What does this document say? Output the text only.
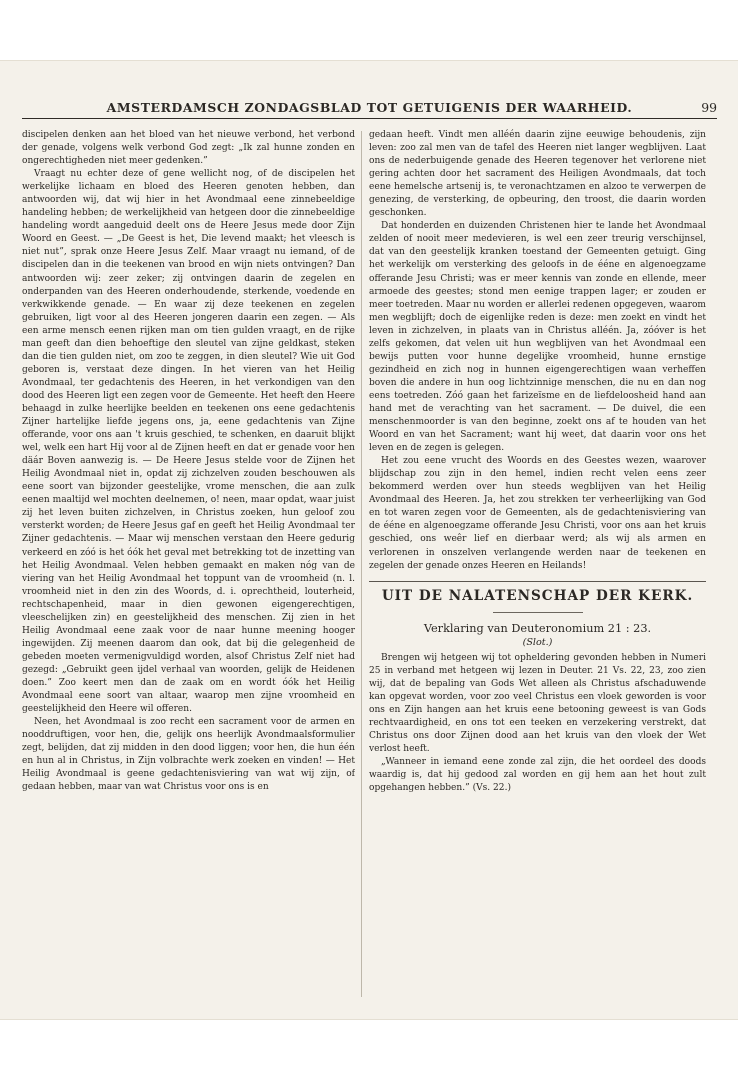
AMSTERDAMSCH ZONDAGSBLAD TOT GETUIGENIS DER WAARHEID.	99

discipelen denken aan het bloed van het nieuwe verbond, het verbond der genade, volgens welk verbond God zegt: „Ik zal hunne zonden en ongerechtigheden niet meer gedenken.”

Vraagt nu echter deze of gene wellicht nog, of de discipelen het werkelijke lichaam en bloed des Heeren genoten hebben, dan antwoorden wij, dat wij hier in het Avondmaal eene zinnebeeldige handeling hebben; de werkelijkheid van hetgeen door die zinnebeeldige handeling wordt aangeduid deelt ons de Heere Jesus mede door Zijn Woord en Geest. — „De Geest is het, Die levend maakt; het vleesch is niet nut”, sprak onze Heere Jesus Zelf. Maar vraagt nu iemand, of de discipelen dan in die teekenen van brood en wijn niets ontvingen? Dan antwoorden wij: zeer zeker; zij ontvingen daarin de zegelen en onderpanden van des Heeren onderhoudende, sterkende, voedende en verkwikkende genade. — En waar zij deze teekenen en zegelen gebruiken, ligt voor al des Heeren jongeren daarin een zegen. — Als een arme mensch eenen rijken man om tien gulden vraagt, en de rijke man geeft dan dien behoeftige den sleutel van zijne geldkast, steken dan die tien gulden niet, om zoo te zeggen, in dien sleutel? Wie uit God geboren is, verstaat deze dingen. In het vieren van het Heilig Avondmaal, ter gedachtenis des Heeren, in het verkondigen van den dood des Heeren ligt een zegen voor de Gemeente. Het heeft den Heere behaagd in zulke heerlijke beelden en teekenen ons eene gedachtenis Zijner hartelijke liefde jegens ons, ja, eene gedachtenis van Zijne offerande, voor ons aan 't kruis geschied, te schenken, en daaruit blijkt wel, welk een hart Hij voor al de Zijnen heeft en dat er genade voor hen däár Boven aanwezig is. — De Heere Jesus stelde voor de Zijnen het Heilig Avondmaal niet in, opdat zij zichzelven zouden beschouwen als eene soort van bijzonder geestelijke, vrome menschen, die aan zulk eenen maaltijd wel mochten deelnemen, o! neen, maar opdat, waar juist zij het leven buiten zichzelven, in Christus zoeken, hun geloof zou versterkt worden; de Heere Jesus gaf en geeft het Heilig Avondmaal ter Zijner gedachtenis. — Maar wij menschen verstaan den Heere gedurig verkeerd en zóó is het óók het geval met betrekking tot de inzetting van het Heilig Avondmaal. Velen hebben gemaakt en maken nóg van de viering van het Heilig Avondmaal het toppunt van de vroomheid (n. l. vroomheid niet in den zin des Woords, d. i. oprechtheid, louterheid, rechtschapenheid, maar in dien gewonen eigengerechtigen, vleeschelijken zin) en geestelijkheid des menschen. Zij zien in het Heilig Avondmaal eene zaak voor de naar hunne meening hooger ingewijden. Zij meenen daarom dan ook, dat bij die gelegenheid de gebeden moeten vermenigvuldigd worden, alsof Christus Zelf niet had gezegd: „Gebruikt geen ijdel verhaal van woorden, gelijk de Heidenen doen.” Zoo keert men dan de zaak om en wordt óók het Heilig Avondmaal eene soort van altaar, waarop men zijne vroomheid en geestelijkheid den Heere wil offeren.

Neen, het Avondmaal is zoo recht een sacrament voor de armen en nooddruftigen, voor hen, die, gelijk ons heerlijk Avondmaalsformulier zegt, belijden, dat zij midden in den dood liggen; voor hen, die hun één en hun al in Christus, in Zijn volbrachte werk zoeken en vinden! — Het Heilig Avondmaal is geene gedachtenisviering van wat wij zijn, of gedaan hebben, maar van wat Christus voor ons is en

gedaan heeft. Vindt men alléén daarin zijne eeuwige behoudenis, zijn leven: zoo zal men van de tafel des Heeren niet langer wegblijven. Laat ons de nederbuigende genade des Heeren tegenover het verlorene niet gering achten door het sacrament des Heiligen Avondmaals, dat toch eene hemelsche artsenij is, te veronachtzamen en alzoo te verwerpen de genezing, de versterking, de opbeuring, den troost, die daarin worden geschonken.

Dat honderden en duizenden Christenen hier te lande het Avondmaal zelden of nooit meer medevieren, is wel een zeer treurig verschijnsel, dat van den geestelijk kranken toestand der Gemeenten getuigt. Ging het werkelijk om versterking des geloofs in de ééne en algenoegzame offerande Jesu Christi; was er meer kennis van zonde en ellende, meer armoede des geestes; stond men eenige trappen lager; er zouden er meer toetreden. Maar nu worden er allerlei redenen opgegeven, waarom men wegblijft; doch de eigenlijke reden is deze: men zoekt en vindt het leven in zichzelven, in plaats van in Christus alléén. Ja, zóóver is het zelfs gekomen, dat velen uit hun wegblijven van het Avondmaal een bewijs putten voor hunne degelijke vroomheid, hunne ernstige gezindheid en zich nog in hunnen eigengerechtigen waan verheffen boven die andere in hun oog lichtzinnige menschen, die nu en dan nog eens toetreden. Zóó gaan het farizeïsme en de liefdeloosheid hand aan hand met de verachting van het sacrament. — De duivel, die een menschenmoorder is van den beginne, zoekt ons af te houden van het Woord en van het Sacrament; want hij weet, dat daarin voor ons het leven en de zegen is gelegen.

Het zou eene vrucht des Woords en des Geestes wezen, waarover blijdschap zou zijn in den hemel, indien recht velen eens zeer bekommerd werden over hun steeds wegblijven van het Heilig Avondmaal des Heeren. Ja, het zou strekken ter verheerlijking van God en tot waren zegen voor de Gemeenten, als de gedachtenisviering van de ééne en algenoegzame offerande Jesu Christi, voor ons aan het kruis geschied, ons weêr lief en dierbaar werd; als wij als armen en verlorenen in onszelven verlangende werden naar de teekenen en zegelen der genade onzes Heeren en Heilands!

UIT DE NALATENSCHAP DER KERK.
Verklaring van Deuteronomium 21 : 23.
(Slot.)

Brengen wij hetgeen wij tot opheldering gevonden hebben in Numeri 25 in verband met hetgeen wij lezen in Deuter. 21 Vs. 22, 23, zoo zien wij, dat de bepaling van Gods Wet alleen als Christus afschaduwende kan opgevat worden, voor zoo veel Christus een vloek geworden is voor ons en Zijn hangen aan het kruis eene betooning geweest is van Gods rechtvaardigheid, en ons tot een teeken en verzekering verstrekt, dat Christus ons door Zijnen dood aan het kruis van den vloek der Wet verlost heeft.

„Wanneer in iemand eene zonde zal zijn, die het oordeel des doods waardig is, dat hij gedood zal worden en gij hem aan het hout zult opgehangen hebben.” (Vs. 22.)
